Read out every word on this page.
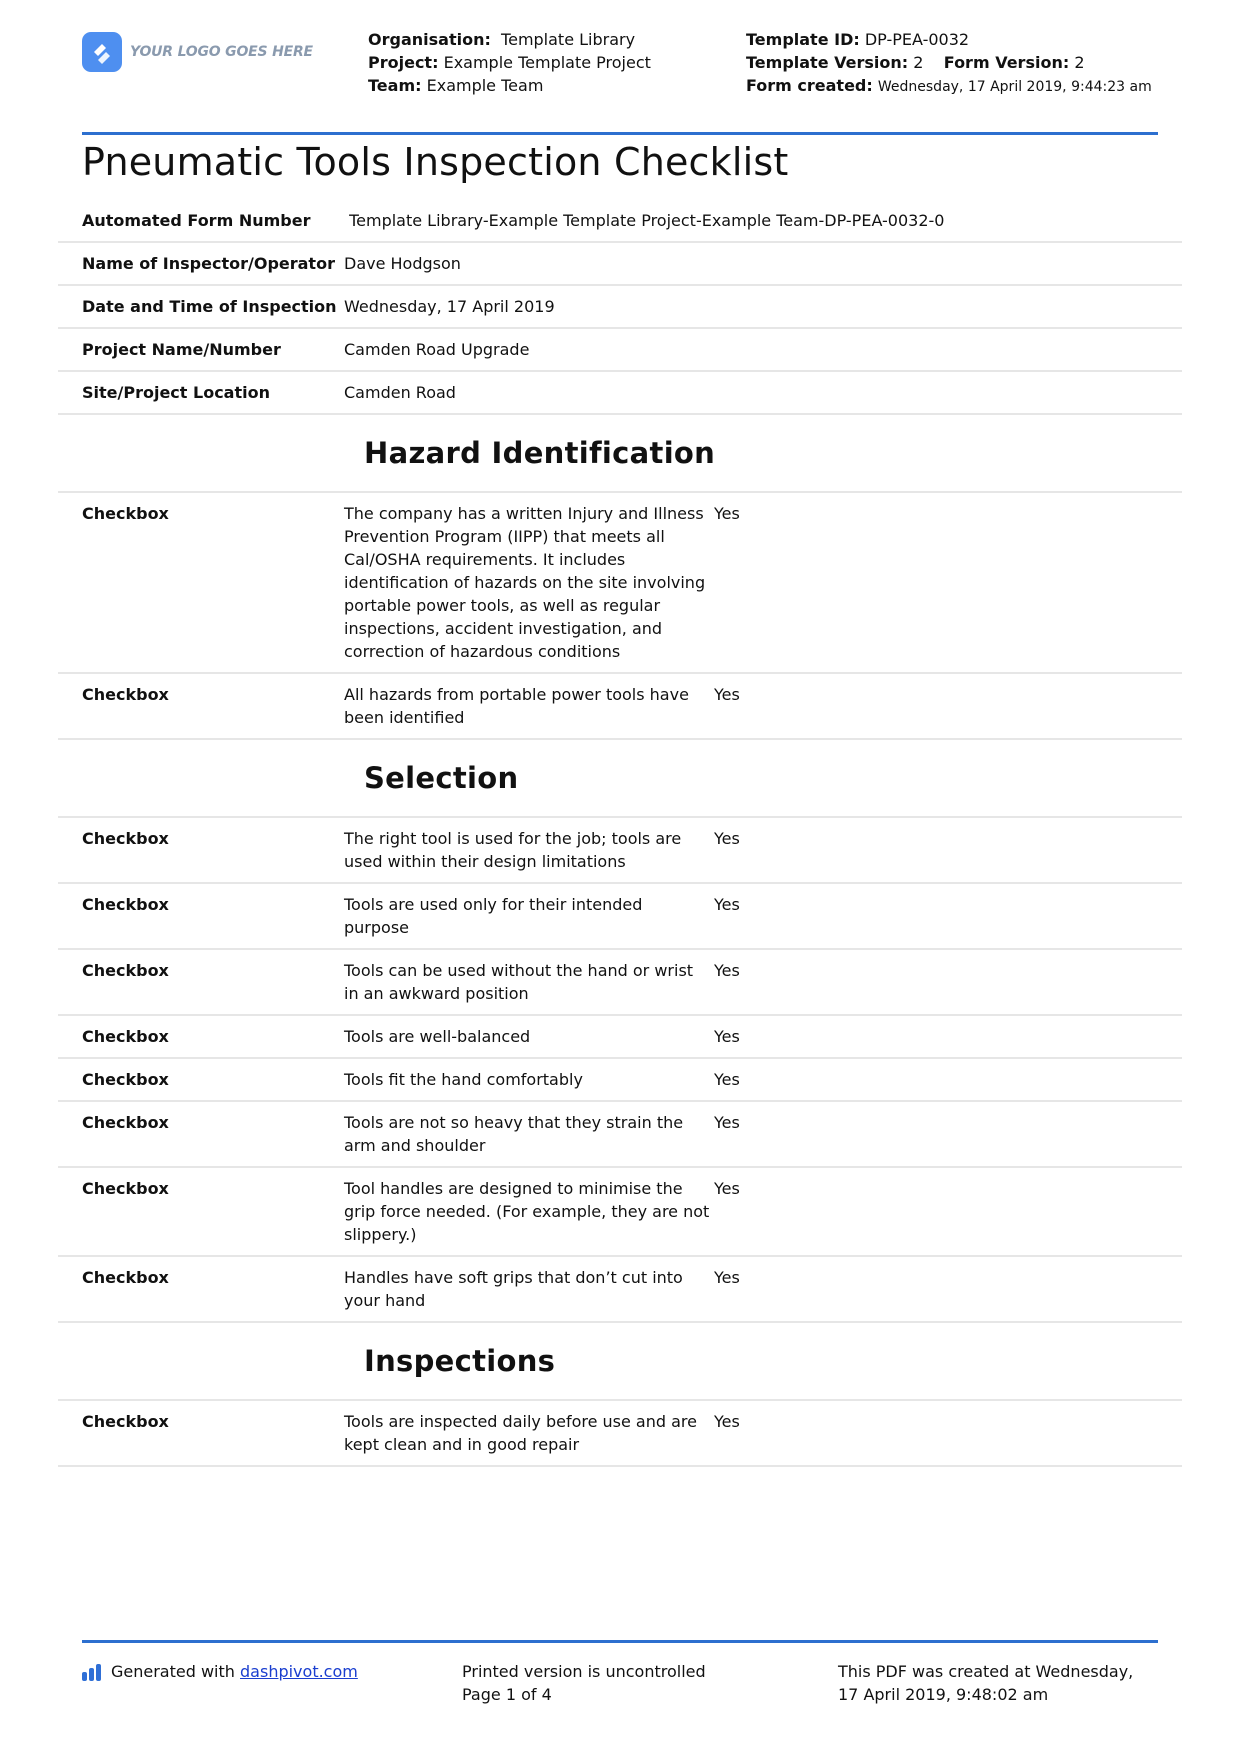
YOUR LOGO GOES HERE
Organisation:  Template Library
Project: Example Template Project
Team: Example Team
Template ID: DP-PEA-0032
Template Version: 2 Form Version: 2
Form created: Wednesday, 17 April 2019, 9:44:23 am
Pneumatic Tools Inspection Checklist
Automated Form Number	 Template Library-Example Template Project-Example Team-DP-PEA-0032-0
Name of Inspector/Operator Dave Hodgson
Date and Time of Inspection Wednesday, 17 April 2019
Project Name/Number	Camden Road Upgrade
Site/Project Location	Camden Road
Hazard Identification
Checkbox	The company has a written Injury and Illness Prevention Program (IIPP) that meets all Cal/OSHA requirements. It includes identification of hazards on the site involving portable power tools, as well as regular inspections, accident investigation, and correction of hazardous conditions
Yes
Checkbox	All hazards from portable power tools have been identified
Yes
Selection
Checkbox	The right tool is used for the job; tools are used within their design limitations
Yes
Checkbox	Tools are used only for their intended purpose
Yes
Checkbox	Tools can be used without the hand or wrist in an awkward position
Yes
Checkbox	Tools are well-balanced	Yes
Checkbox	Tools fit the hand comfortably	Yes
Checkbox	Tools are not so heavy that they strain the arm and shoulder
Yes
Checkbox	Tool handles are designed to minimise the grip force needed. (For example, they are not slippery.)
Yes
Checkbox	Handles have soft grips that don’t cut into your hand
Yes
Inspections
Checkbox	Tools are inspected daily before use and are kept clean and in good repair
Yes
Generated with
dashpivot.com	Printed version is uncontrolled
Page 1 of 4
This PDF was created at Wednesday, 17 April 2019, 9:48:02 am
